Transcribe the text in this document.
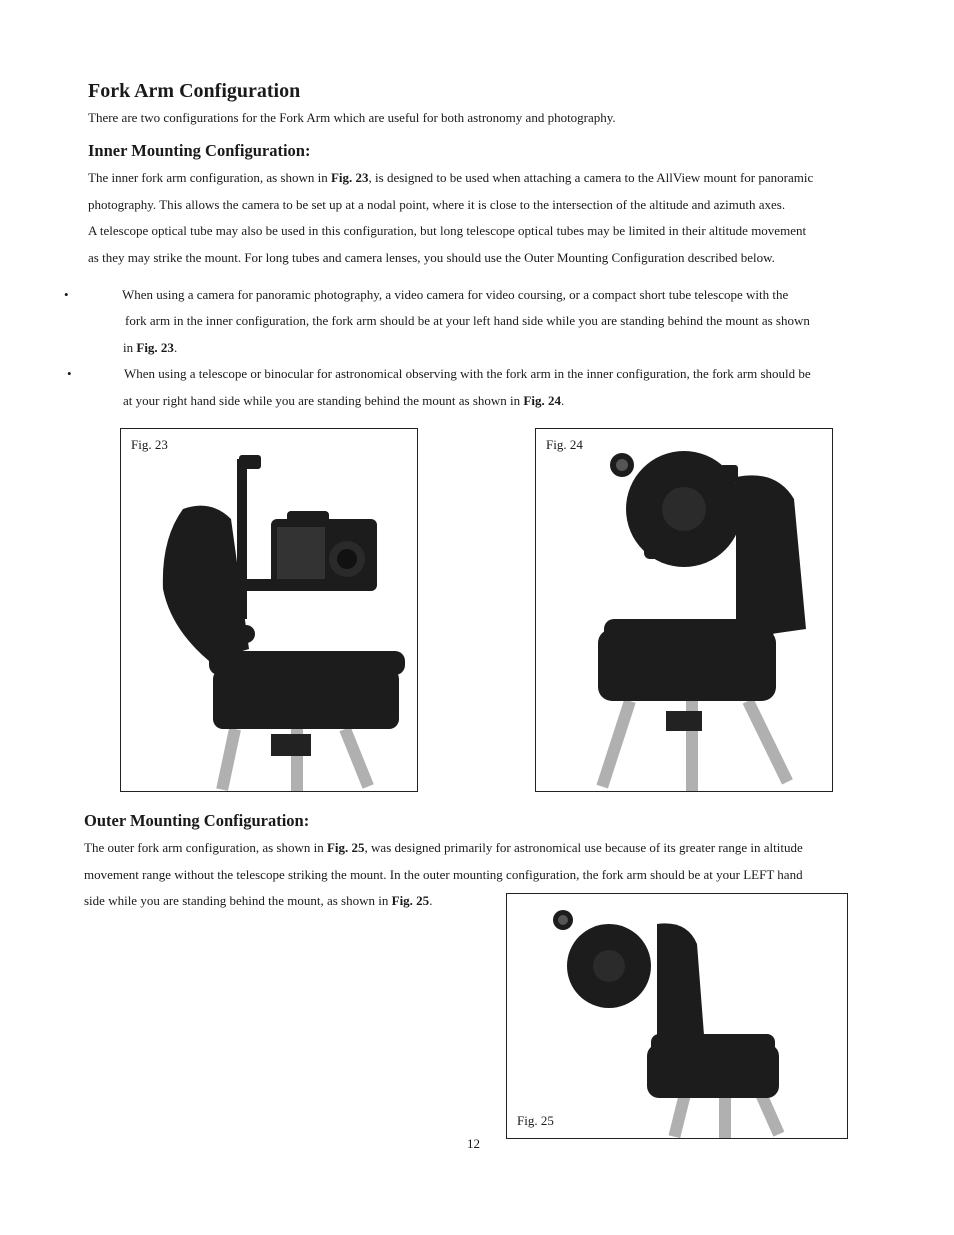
Fork Arm Configuration

There are two configurations for the Fork Arm which are useful for both astronomy and photography.

Inner Mounting Configuration:

The inner fork arm configuration, as shown in Fig. 23, is designed to be used when attaching a camera to the AllView mount for panoramic

photography. This allows the camera to be set up at a nodal point, where it is close to the intersection of the altitude and azimuth axes.

A telescope optical tube may also be used in this configuration, but long telescope optical tubes may be limited in their altitude movement

as they may strike the mount. For long tubes and camera lenses, you should use the Outer Mounting Configuration described below.

•	When using a camera for panoramic photography, a video camera for video coursing, or a compact short tube telescope with the

fork arm in the inner configuration, the fork arm should be at your left hand side while you are standing behind the mount as shown

in Fig. 23.

•	When using a telescope or binocular for astronomical observing with the fork arm in the inner configuration, the fork arm should be

at your right hand side while you are standing behind the mount as shown in Fig. 24.

Fig. 23	Fig. 24
Outer Mounting Configuration:

The outer fork arm configuration, as shown in Fig. 25, was designed primarily for astronomical use because of its greater range in altitude

movement range without the telescope striking the mount. In the outer mounting configuration, the fork arm should be at your LEFT hand

side while you are standing behind the mount, as shown in Fig. 25.

Fig. 25
12
